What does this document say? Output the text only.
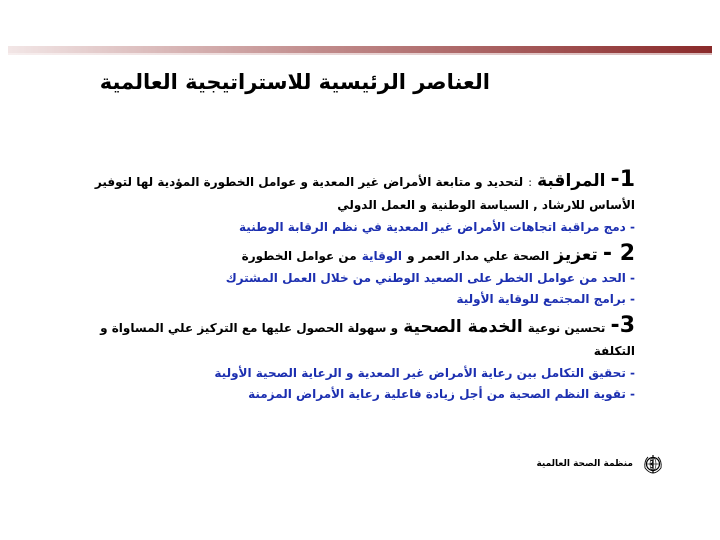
العناصر الرئيسية للاستراتيجية العالمية
1- المراقبة : لتحديد و متابعة الأمراض غير المعدية و عوامل الخطورة المؤدية لها لتوفير
الأساس للارشاد , السياسة الوطنية و العمل الدولي
- دمج مراقبة اتجاهات الأمراض غير المعدية في نظم الرقابة الوطنية
2 - تعزيز الصحة علي مدار العمر و الوقاية من عوامل الخطورة
- الحد من عوامل الخطر على الصعيد الوطني من خلال العمل المشترك
- برامج المجتمع للوقاية الأولية
3- تحسين نوعية الخدمة الصحية و سهولة الحصول عليها مع التركيز علي المساواة و
التكلفة
- تحقيق التكامل بين رعاية الأمراض غير المعدية و الرعاية الصحية الأولية
- تقوية النظم الصحية من أجل زيادة فاعلية رعاية الأمراض المزمنة
منظمة الصحة العالمية
